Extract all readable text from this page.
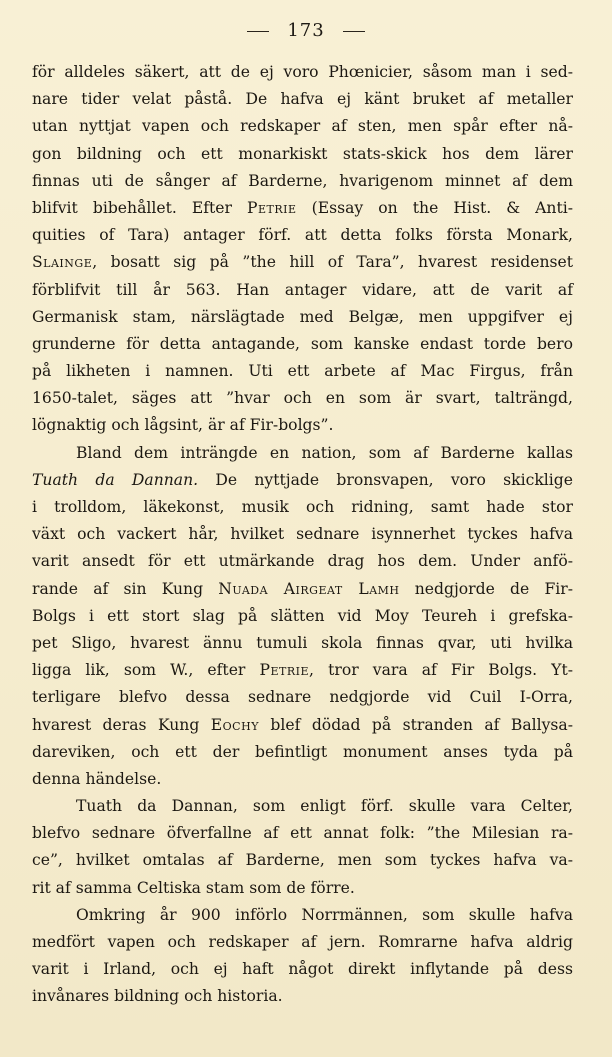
173
för alldeles säkert, att de ej voro Phœnicier, såsom man i sed-
nare tider velat påstå. De hafva ej känt bruket af metaller
utan nyttjat vapen och redskaper af sten, men spår efter nå-
gon bildning och ett monarkiskt stats-skick hos dem lärer
finnas uti de sånger af Barderne, hvarigenom minnet af dem
blifvit bibehållet. Efter Petrie (Essay on the Hist. & Anti-
quities of Tara) antager förf. att detta folks första Monark,
Slainge, bosatt sig på ”the hill of Tara”, hvarest residenset
förblifvit till år 563. Han antager vidare, att de varit af
Germanisk stam, närslägtade med Belgæ, men uppgifver ej
grunderne för detta antagande, som kanske endast torde bero
på likheten i namnen. Uti ett arbete af Mac Firgus, från
1650-talet, säges att ”hvar och en som är svart, talträngd,
lögnaktig och lågsint, är af Fir-bolgs”.
Bland dem inträngde en nation, som af Barderne kallas
Tuath da Dannan. De nyttjade bronsvapen, voro skicklige
i trolldom, läkekonst, musik och ridning, samt hade stor
växt och vackert hår, hvilket sednare isynnerhet tyckes hafva
varit ansedt för ett utmärkande drag hos dem. Under anfö-
rande af sin Kung Nuada Airgeat Lamh nedgjorde de Fir-
Bolgs i ett stort slag på slätten vid Moy Teureh i grefska-
pet Sligo, hvarest ännu tumuli skola finnas qvar, uti hvilka
ligga lik, som W., efter Petrie, tror vara af Fir Bolgs. Yt-
terligare blefvo dessa sednare nedgjorde vid Cuil I-Orra,
hvarest deras Kung Eochy blef dödad på stranden af Ballysa-
dareviken, och ett der befintligt monument anses tyda på
denna händelse.
Tuath da Dannan, som enligt förf. skulle vara Celter,
blefvo sednare öfverfallne af ett annat folk: ”the Milesian ra-
ce”, hvilket omtalas af Barderne, men som tyckes hafva va-
rit af samma Celtiska stam som de förre.
Omkring år 900 införlo Norrmännen, som skulle hafva
medfört vapen och redskaper af jern. Romrarne hafva aldrig
varit i Irland, och ej haft något direkt inflytande på dess
invånares bildning och historia.
